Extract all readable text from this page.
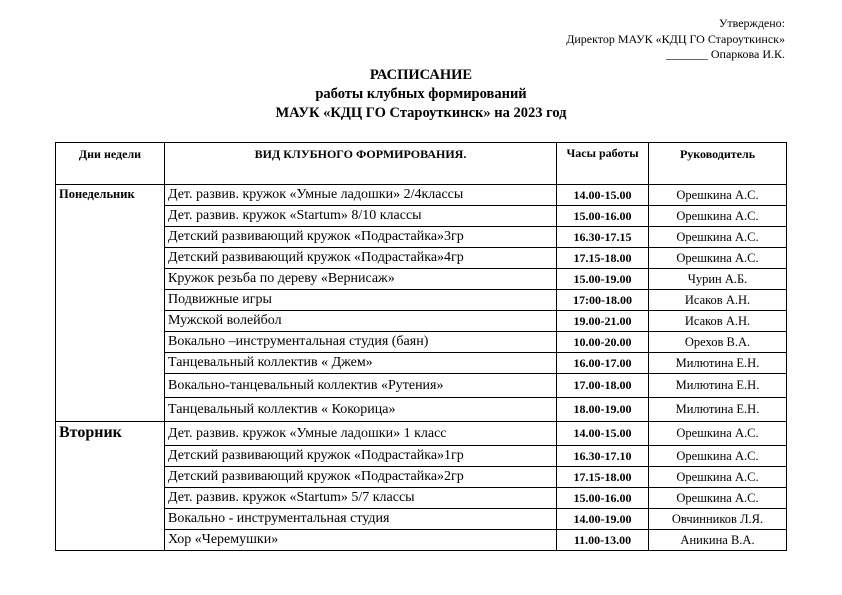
Утверждено:
Директор МАУК «КДЦ ГО Староуткинск»
_______ Опаркова И.К.
РАСПИСАНИЕ
работы клубных формирований
МАУК «КДЦ ГО Староуткинск» на 2023 год
Дни недели	ВИД КЛУБНОГО ФОРМИРОВАНИЯ.	Часы работы	Руководитель
Понедельник	Дет. развив. кружок «Умные ладошки» 2/4классы	14.00-15.00	Орешкина А.С.
	Дет. развив. кружок «Startum» 8/10 классы	15.00-16.00	Орешкина А.С.
	Детский развивающий кружок «Подрастайка»3гр	16.30-17.15	Орешкина А.С.
	Детский развивающий кружок «Подрастайка»4гр	17.15-18.00	Орешкина А.С.
	Кружок резьба по дереву «Вернисаж»	15.00-19.00	Чурин А.Б.
	Подвижные игры	17:00-18.00	Исаков А.Н.
	Мужской волейбол	19.00-21.00	Исаков А.Н.
	Вокально –инструментальная студия (баян)	10.00-20.00	Орехов В.А.
	Танцевальный коллектив « Джем»	16.00-17.00	Милютина Е.Н.
	Вокально-танцевальный коллектив «Рутения»	17.00-18.00	Милютина Е.Н.
	Танцевальный коллектив « Кокорица»	18.00-19.00	Милютина Е.Н.
Вторник	Дет. развив. кружок «Умные ладошки» 1 класс	14.00-15.00	Орешкина А.С.
	Детский развивающий кружок «Подрастайка»1гр	16.30-17.10	Орешкина А.С.
	Детский развивающий кружок «Подрастайка»2гр	17.15-18.00	Орешкина А.С.
	Дет. развив. кружок «Startum» 5/7 классы	15.00-16.00	Орешкина А.С.
	Вокально - инструментальная студия	14.00-19.00	Овчинников Л.Я.
	Хор «Черемушки»	11.00-13.00	Аникина В.А.
